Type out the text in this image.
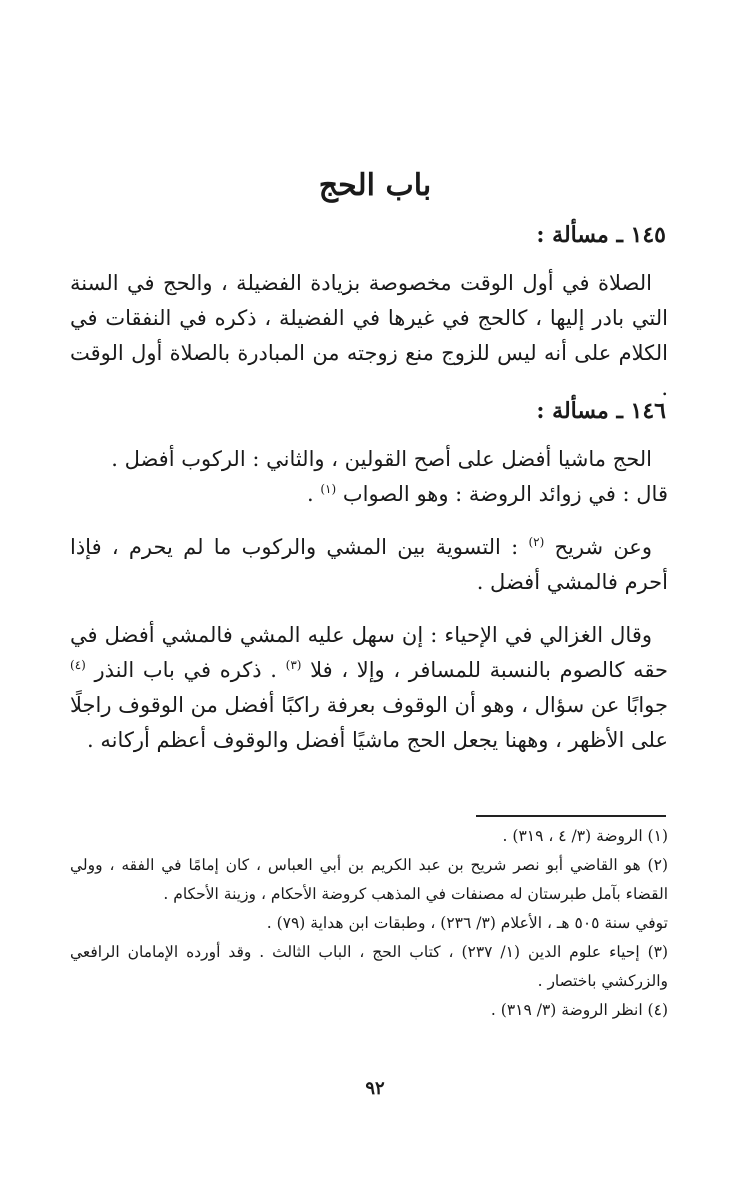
باب الحج
١٤٥ ـ مسألة :

الصلاة في أول الوقت مخصوصة بزيادة الفضيلة ، والحج في السنة التي بادر إليها ، كالحج في غيرها في الفضيلة ، ذكره في النفقات في الكلام على أنه ليس للزوج منع زوجته من المبادرة بالصلاة أول الوقت .

١٤٦ ـ مسألة :

الحج ماشيا أفضل على أصح القولين ، والثاني : الركوب أفضل .
قال : في زوائد الروضة : وهو الصواب $^{(١)}$ .

وعن شريح $^{(٢)}$ : التسوية بين المشي والركوب ما لم يحرم ، فإذا أحرم فالمشي أفضل .

وقال الغزالي في الإحياء : إن سهل عليه المشي فالمشي أفضل في حقه كالصوم بالنسبة للمسافر ، وإلا ، فلا $^{(٣)}$ . ذكره في باب النذر $^{(٤)}$ جوابًا عن سؤال ، وهو أن الوقوف بعرفة راكبًا أفضل من الوقوف راجلًا على الأظهر ، وههنا يجعل الحج ماشيًا أفضل والوقوف أعظم أركانه .

(١) الروضة (٣/ ٤ ، ٣١٩) .

(٢) هو القاضي أبو نصر شريح بن عبد الكريم بن أبي العباس ، كان إمامًا في الفقه ، وولي القضاء بآمل طبرستان له مصنفات في المذهب كروضة الأحكام ، وزينة الأحكام .

توفي سنة ٥٠٥ هـ ، الأعلام (٣/ ٢٣٦) ، وطبقات ابن هداية (٧٩) .

(٣) إحياء علوم الدين (١/ ٢٣٧) ، كتاب الحج ، الباب الثالث . وقد أورده الإمامان الرافعي والزركشي باختصار .

(٤) انظر الروضة (٣/ ٣١٩) .

٩٢
